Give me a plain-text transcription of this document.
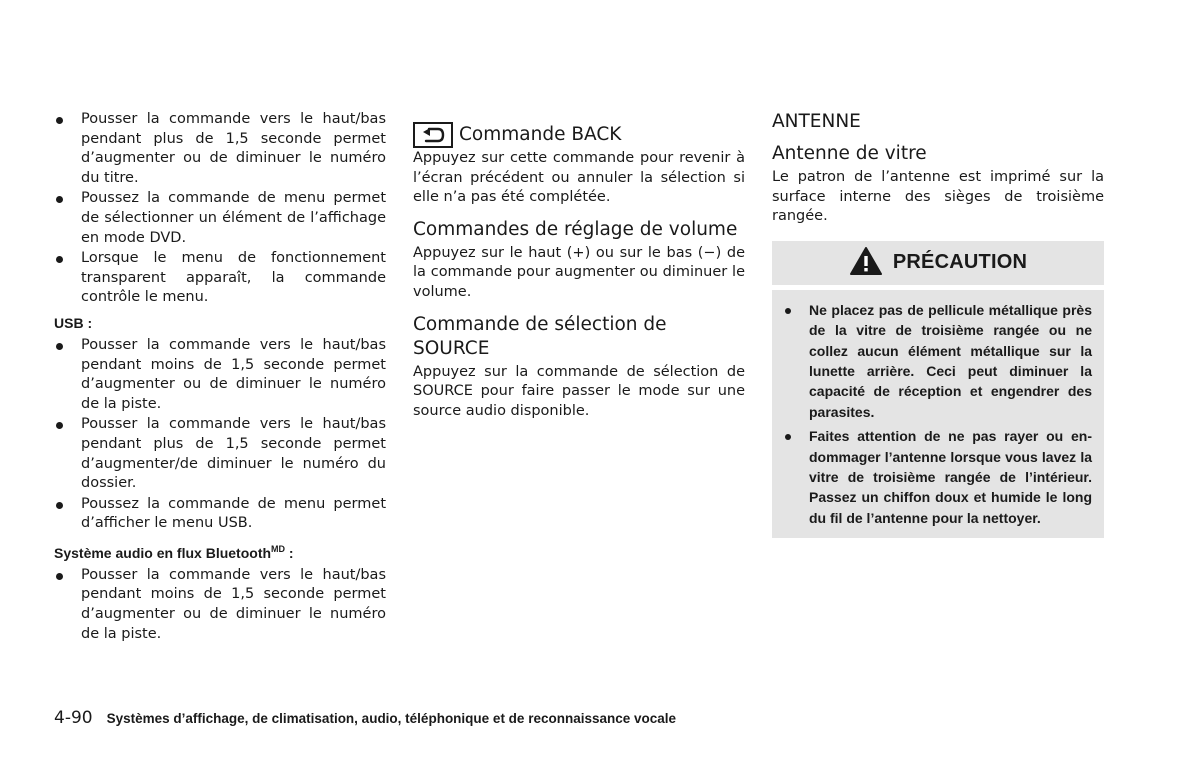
Pousser la commande vers le haut/bas pendant plus de 1,5 seconde permet d’augmenter ou de diminuer le numéro du titre.
Poussez la commande de menu permet de sélectionner un élément de l’affichage en mode DVD.
Lorsque le menu de fonctionnement transparent apparaît, la commande contrôle le menu.
USB :
Pousser la commande vers le haut/bas pendant moins de 1,5 seconde permet d’augmenter ou de diminuer le numéro de la piste.
Pousser la commande vers le haut/bas pendant plus de 1,5 seconde permet d’augmenter/de diminuer le numéro du dossier.
Poussez la commande de menu permet d’afficher le menu USB.
Système audio en flux Bluetooth$^{MD}$ :
Pousser la commande vers le haut/bas pendant moins de 1,5 seconde permet d’augmenter ou de diminuer le numéro de la piste.
Commande BACK

Appuyez sur cette commande pour revenir à l’écran précédent ou annuler la sélection si elle n’a pas été complétée.

Commandes de réglage de volume

Appuyez sur le haut (+) ou sur le bas (−) de la commande pour augmenter ou diminuer le volume.

Commande de sélection de SOURCE

Appuyez sur la commande de sélection de SOURCE pour faire passer le mode sur une source audio disponible.

ANTENNE
Antenne de vitre

Le patron de l’antenne est imprimé sur la surface interne des sièges de troisième rangée.

PRÉCAUTION
Ne placez pas de pellicule métallique près de la vitre de troisième rangée ou ne collez aucun élément métallique sur la lunette arrière. Ceci peut diminuer la capacité de réception et engendrer des parasites.
Faites attention de ne pas rayer ou endommager l’antenne lorsque vous lavez la vitre de troisième rangée de l’intérieur. Passez un chiffon doux et humide le long du fil de l’antenne pour la nettoyer.
4-90 Systèmes d’affichage, de climatisation, audio, téléphonique et de reconnaissance vocale
